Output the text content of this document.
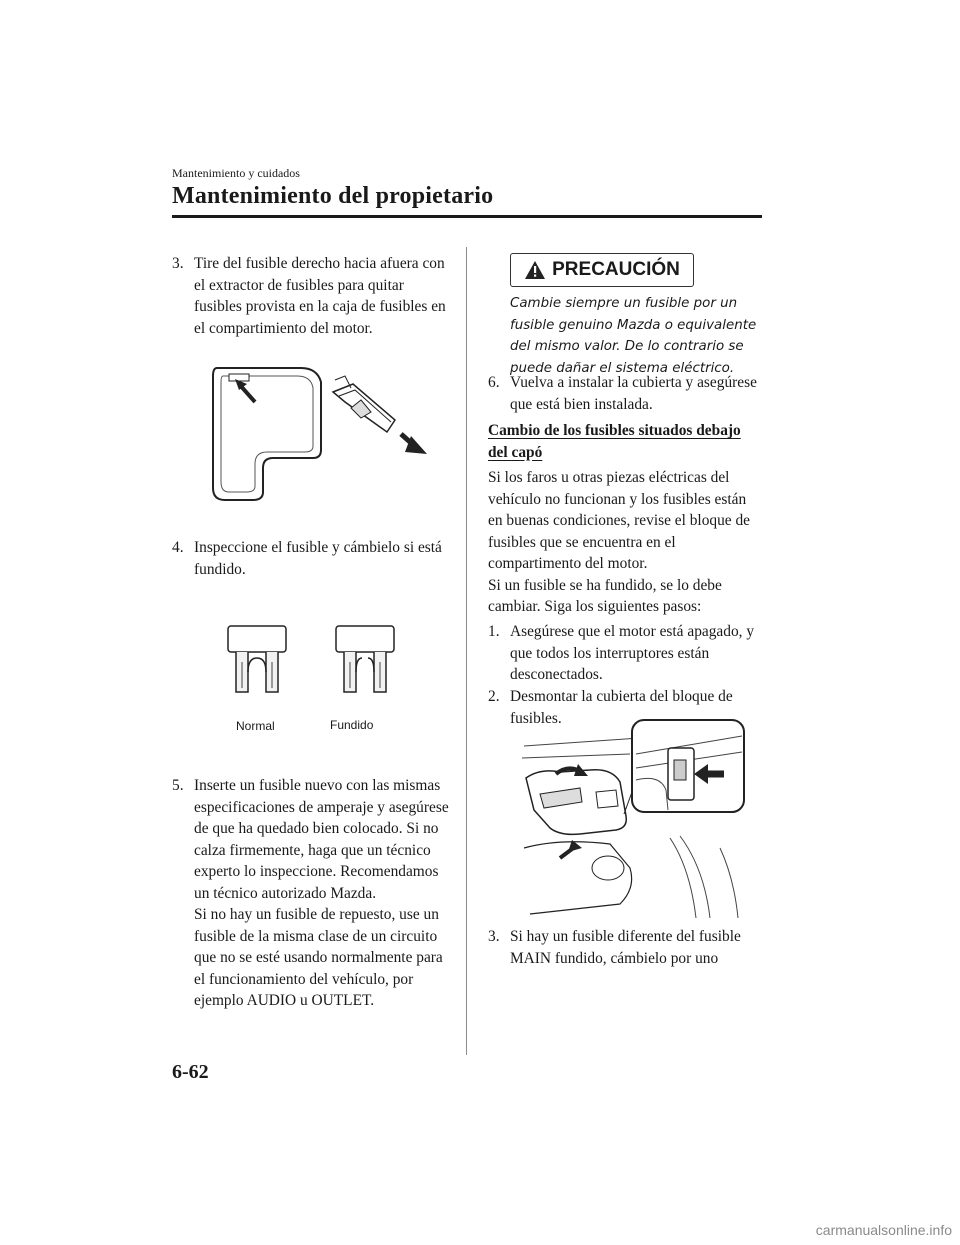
Mantenimiento y cuidados
Mantenimiento del propietario
3. Tire del fusible derecho hacia afuera con el extractor de fusibles para quitar fusibles provista en la caja de fusibles en el compartimiento del motor.
4. Inspeccione el fusible y cámbielo si está fundido.
Normal	Fundido
5. Inserte un fusible nuevo con las mismas especificaciones de amperaje y asegúrese de que ha quedado bien colocado. Si no calza firmemente, haga que un técnico experto lo inspeccione. Recomendamos un técnico autorizado Mazda.
Si no hay un fusible de repuesto, use un fusible de la misma clase de un circuito que no se esté usando normalmente para el funcionamiento del vehículo, por ejemplo AUDIO u OUTLET.
PRECAUCIÓN
Cambie siempre un fusible por un fusible genuino Mazda o equivalente del mismo valor. De lo contrario se puede dañar el sistema eléctrico.
6. Vuelva a instalar la cubierta y asegúrese que está bien instalada.
Cambio de los fusibles situados debajo del capó
Si los faros u otras piezas eléctricas del vehículo no funcionan y los fusibles están en buenas condiciones, revise el bloque de fusibles que se encuentra en el compartimento del motor.
Si un fusible se ha fundido, se lo debe cambiar. Siga los siguientes pasos:
1. Asegúrese que el motor está apagado, y que todos los interruptores están desconectados.
2. Desmontar la cubierta del bloque de fusibles.
3. Si hay un fusible diferente del fusible MAIN fundido, cámbielo por uno
6-62
carmanualsonline.info
